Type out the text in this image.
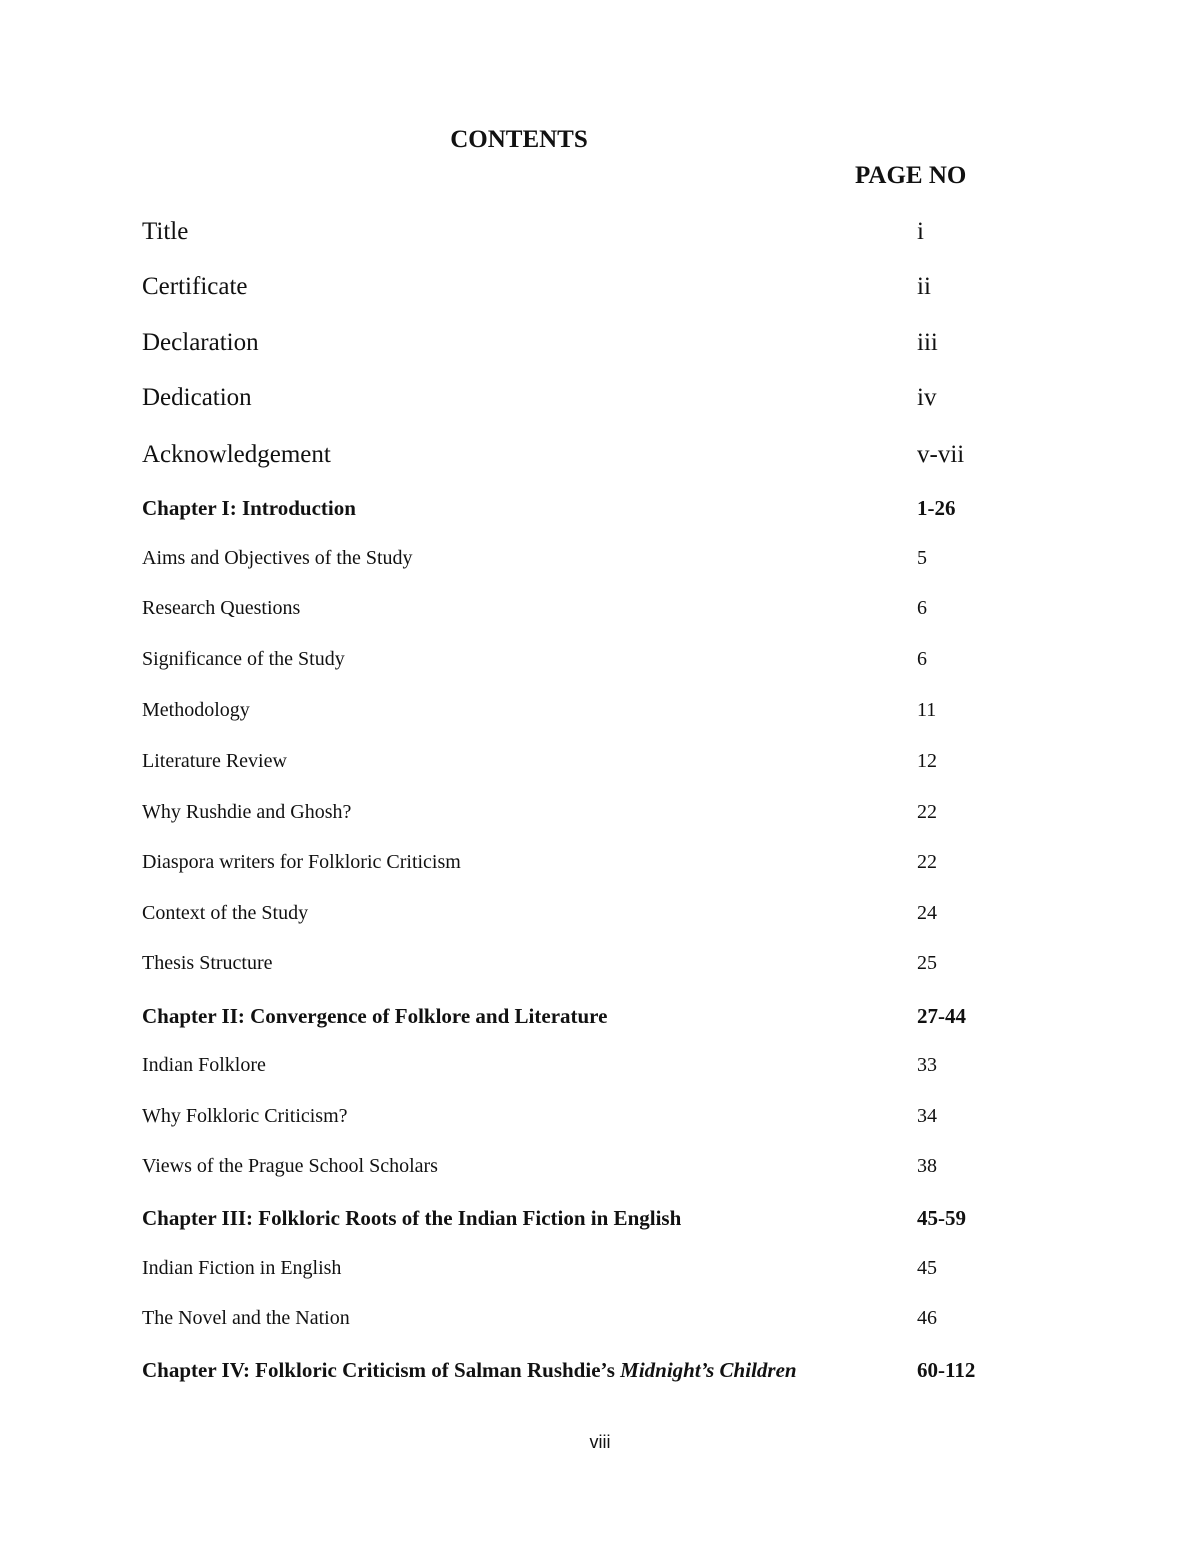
CONTENTS
PAGE NO
Title	i
Certificate	ii
Declaration	iii
Dedication	iv
Acknowledgement	v-vii
Chapter I: Introduction	1-26
Aims and Objectives of the Study	5
Research Questions	6
Significance of the Study	6
Methodology	11
Literature Review	12
Why Rushdie and Ghosh?	22
Diaspora writers for Folkloric Criticism	22
Context of the Study	24
Thesis Structure	25
Chapter II: Convergence of Folklore and Literature	27-44
Indian Folklore	33
Why Folkloric Criticism?	34
Views of the Prague School Scholars	38
Chapter III: Folkloric Roots of the Indian Fiction in English	45-59
Indian Fiction in English	45
The Novel and the Nation	46
Chapter IV: Folkloric Criticism of Salman Rushdie’s Midnight’s Children	60-112
viii
